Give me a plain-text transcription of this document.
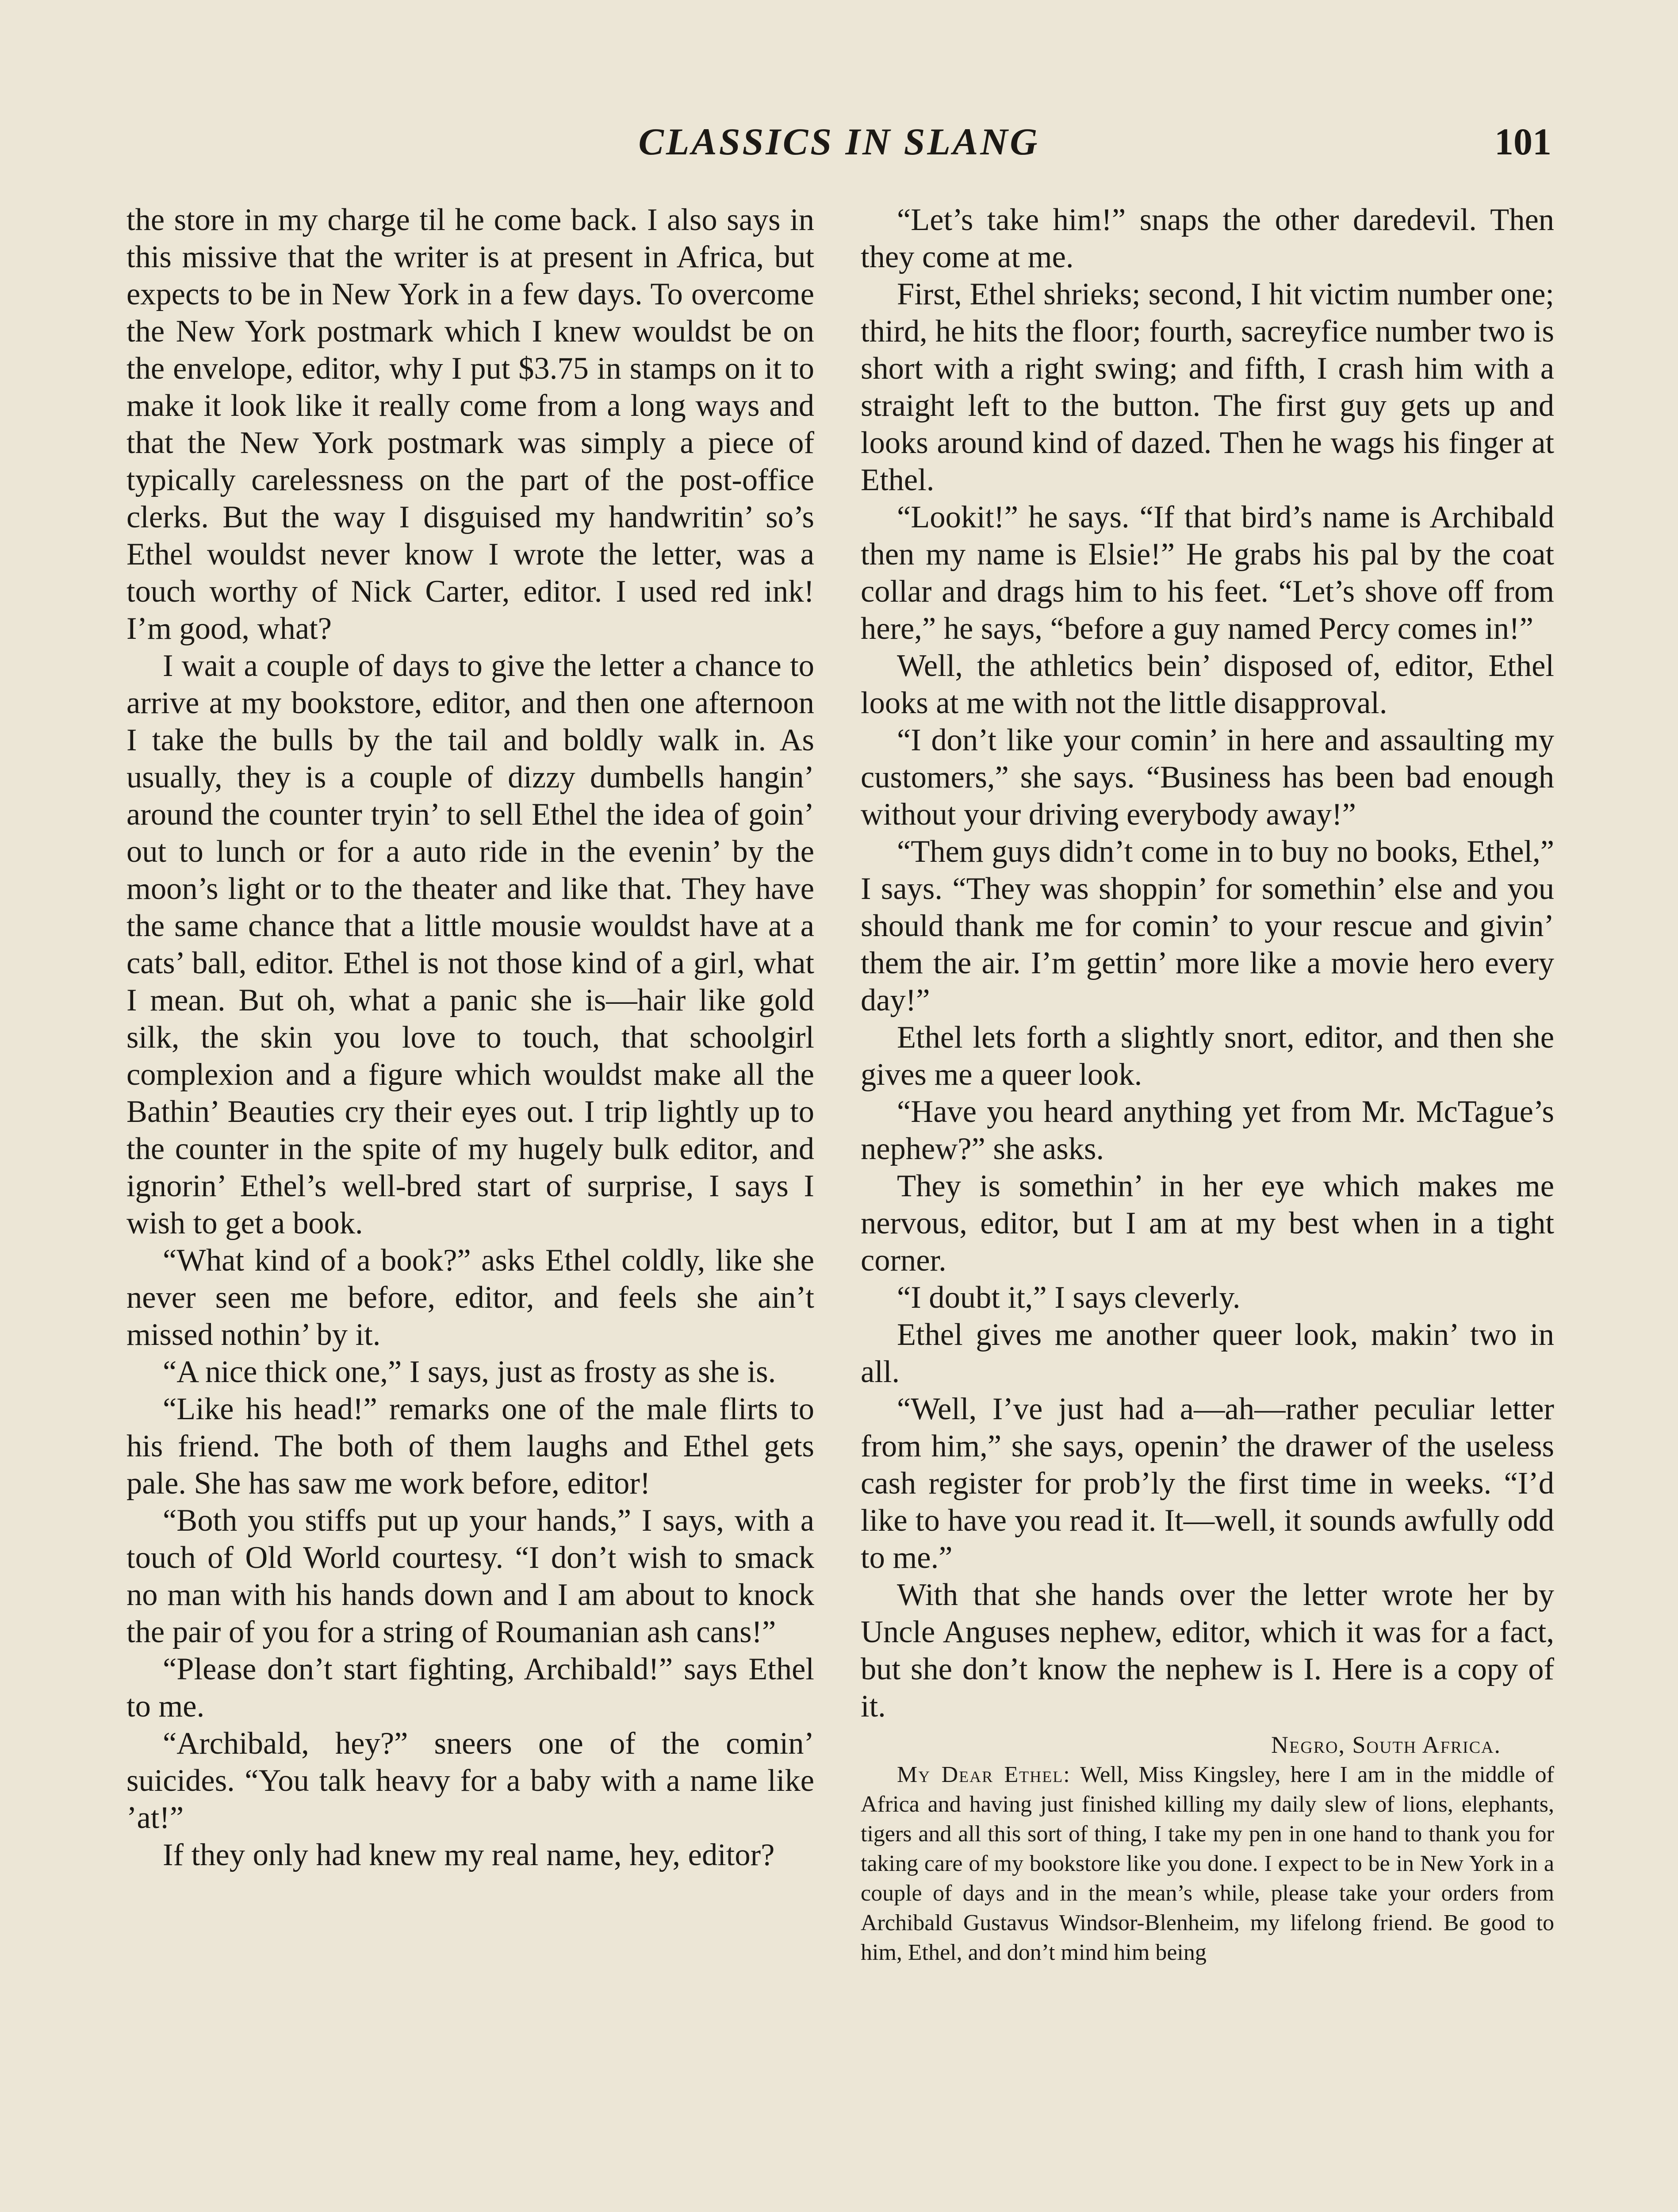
CLASSICS IN SLANG	101

the store in my charge til he come back. I also says in this missive that the writer is at present in Africa, but expects to be in New York in a few days. To overcome the New York postmark which I knew wouldst be on the envelope, editor, why I put $3.75 in stamps on it to make it look like it really come from a long ways and that the New York postmark was simply a piece of typically carelessness on the part of the post-office clerks. But the way I disguised my handwritin’ so’s Ethel wouldst never know I wrote the letter, was a touch worthy of Nick Carter, editor. I used red ink! I’m good, what?

I wait a couple of days to give the letter a chance to arrive at my bookstore, editor, and then one afternoon I take the bulls by the tail and boldly walk in. As usually, they is a couple of dizzy dumbells hangin’ around the counter tryin’ to sell Ethel the idea of goin’ out to lunch or for a auto ride in the evenin’ by the moon’s light or to the theater and like that. They have the same chance that a little mousie wouldst have at a cats’ ball, editor. Ethel is not those kind of a girl, what I mean. But oh, what a panic she is—hair like gold silk, the skin you love to touch, that schoolgirl complexion and a figure which wouldst make all the Bathin’ Beauties cry their eyes out. I trip lightly up to the counter in the spite of my hugely bulk editor, and ignorin’ Ethel’s well-bred start of surprise, I says I wish to get a book.

“What kind of a book?” asks Ethel coldly, like she never seen me before, editor, and feels she ain’t missed nothin’ by it.

“A nice thick one,” I says, just as frosty as she is.

“Like his head!” remarks one of the male flirts to his friend. The both of them laughs and Ethel gets pale. She has saw me work before, editor!

“Both you stiffs put up your hands,” I says, with a touch of Old World courtesy. “I don’t wish to smack no man with his hands down and I am about to knock the pair of you for a string of Roumanian ash cans!”

“Please don’t start fighting, Archibald!” says Ethel to me.

“Archibald, hey?” sneers one of the comin’ suicides. “You talk heavy for a baby with a name like ’at!”

If they only had knew my real name, hey, editor?

“Let’s take him!” snaps the other daredevil. Then they come at me.

First, Ethel shrieks; second, I hit victim number one; third, he hits the floor; fourth, sacreyfice number two is short with a right swing; and fifth, I crash him with a straight left to the button. The first guy gets up and looks around kind of dazed. Then he wags his finger at Ethel.

“Lookit!” he says. “If that bird’s name is Archibald then my name is Elsie!” He grabs his pal by the coat collar and drags him to his feet. “Let’s shove off from here,” he says, “before a guy named Percy comes in!”

Well, the athletics bein’ disposed of, editor, Ethel looks at me with not the little disapproval.

“I don’t like your comin’ in here and assaulting my customers,” she says. “Business has been bad enough without your driving everybody away!”

“Them guys didn’t come in to buy no books, Ethel,” I says. “They was shoppin’ for somethin’ else and you should thank me for comin’ to your rescue and givin’ them the air. I’m gettin’ more like a movie hero every day!”

Ethel lets forth a slightly snort, editor, and then she gives me a queer look.

“Have you heard anything yet from Mr. McTague’s nephew?” she asks.

They is somethin’ in her eye which makes me nervous, editor, but I am at my best when in a tight corner.

“I doubt it,” I says cleverly.

Ethel gives me another queer look, makin’ two in all.

“Well, I’ve just had a—ah—rather peculiar letter from him,” she says, openin’ the drawer of the useless cash register for prob’ly the first time in weeks. “I’d like to have you read it. It—well, it sounds awfully odd to me.”

With that she hands over the letter wrote her by Uncle Anguses nephew, editor, which it was for a fact, but she don’t know the nephew is I. Here is a copy of it.

Negro, South Africa.

My Dear Ethel: Well, Miss Kingsley, here I am in the middle of Africa and having just finished killing my daily slew of lions, elephants, tigers and all this sort of thing, I take my pen in one hand to thank you for taking care of my bookstore like you done. I expect to be in New York in a couple of days and in the mean’s while, please take your orders from Archibald Gustavus Windsor-Blenheim, my lifelong friend. Be good to him, Ethel, and don’t mind him being
